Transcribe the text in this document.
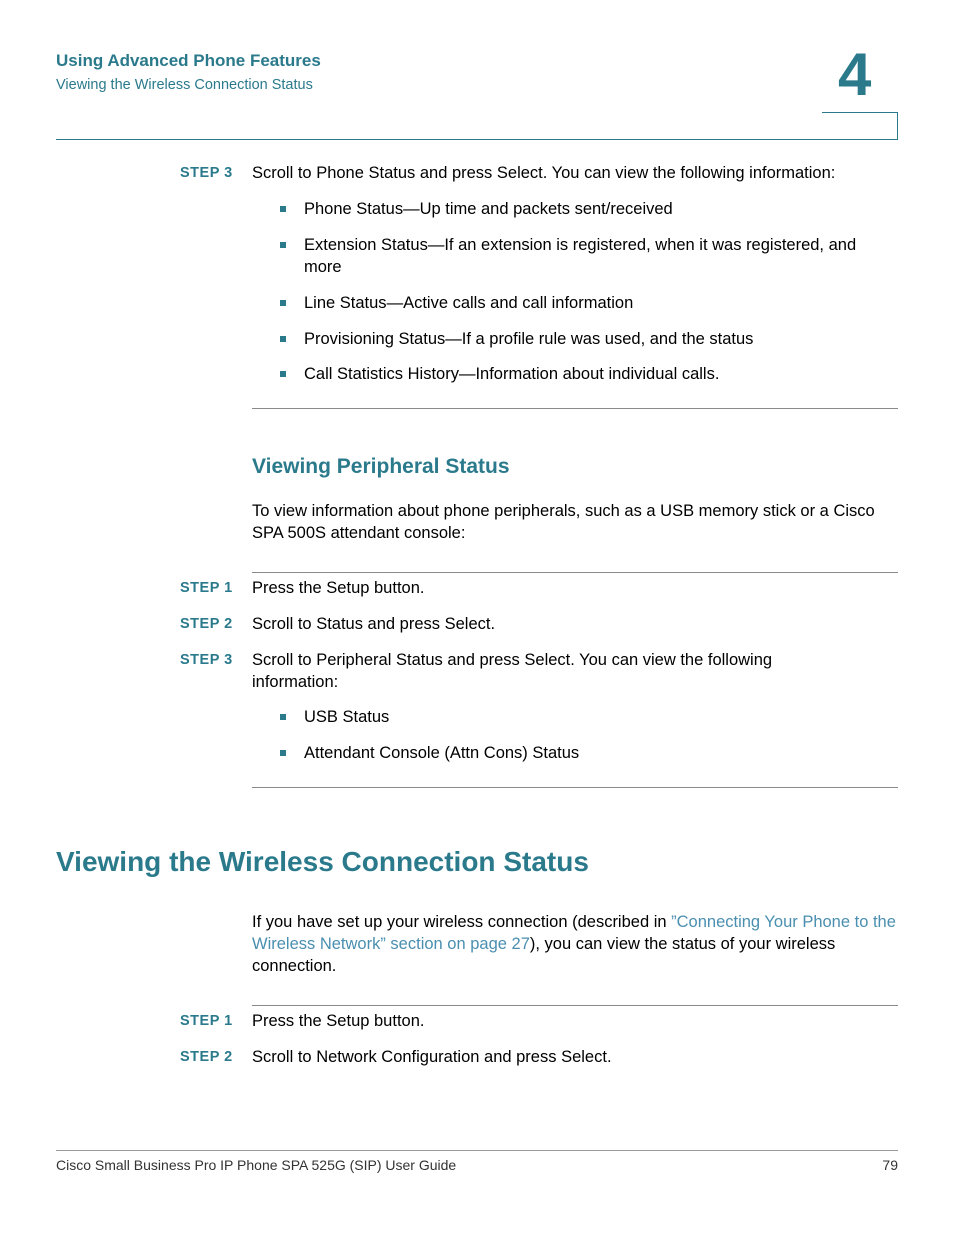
Using Advanced Phone Features
Viewing the Wireless Connection Status	4
STEP 3 Scroll to Phone Status and press Select. You can view the following information:
Phone Status—Up time and packets sent/received
Extension Status—If an extension is registered, when it was registered, and more
Line Status—Active calls and call information
Provisioning Status—If a profile rule was used, and the status
Call Statistics History—Information about individual calls.
Viewing Peripheral Status
To view information about phone peripherals, such as a USB memory stick or a Cisco SPA 500S attendant console:
STEP 1 Press the Setup button.
STEP 2 Scroll to Status and press Select.
STEP 3 Scroll to Peripheral Status and press Select. You can view the following information:
USB Status
Attendant Console (Attn Cons) Status
Viewing the Wireless Connection Status
If you have set up your wireless connection (described in ”Connecting Your Phone to the Wireless Network” section on page 27), you can view the status of your wireless connection.
STEP 1 Press the Setup button.
STEP 2 Scroll to Network Configuration and press Select.
Cisco Small Business Pro IP Phone SPA 525G (SIP) User Guide	79
